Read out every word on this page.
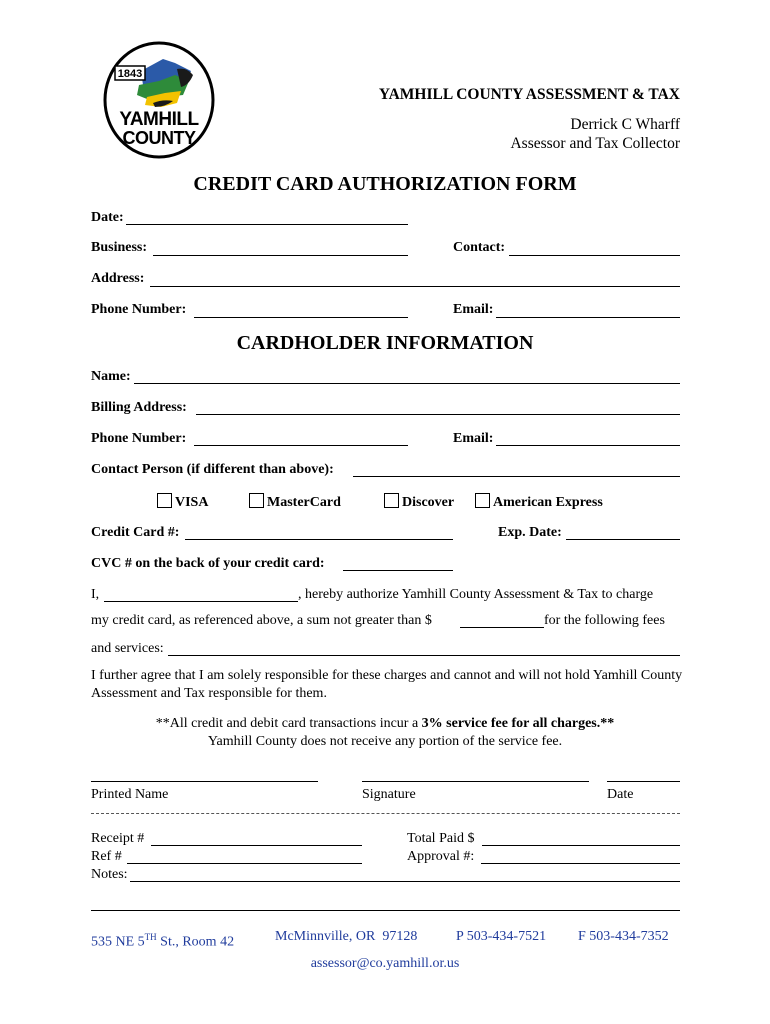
1843
YAMHILL
COUNTY
YAMHILL COUNTY ASSESSMENT & TAX
Derrick C Wharff
Assessor and Tax Collector
CREDIT CARD AUTHORIZATION FORM
Date:
Business:	Contact:
Address:
Phone Number:	Email:
CARDHOLDER INFORMATION
Name:
Billing Address:
Phone Number:	Email:
Contact Person (if different than above):
VISA	MasterCard	Discover	American Express
Credit Card #:	Exp. Date:
CVC # on the back of your credit card:
I,	, hereby authorize Yamhill County Assessment & Tax to charge
my credit card, as referenced above, a sum not greater than $	for the following fees
and services:
I further agree that I am solely responsible for these charges and cannot and will not hold Yamhill County Assessment and Tax responsible for them.
**All credit and debit card transactions incur a 3% service fee for all charges.**
Yamhill County does not receive any portion of the service fee.
Printed Name	Signature	Date
Receipt #	Total Paid $
Ref #	Approval #:
Notes:
535 NE 5TH St., Room 42	McMinnville, OR  97128	P 503-434-7521 F 503-434-7352
assessor@co.yamhill.or.us
